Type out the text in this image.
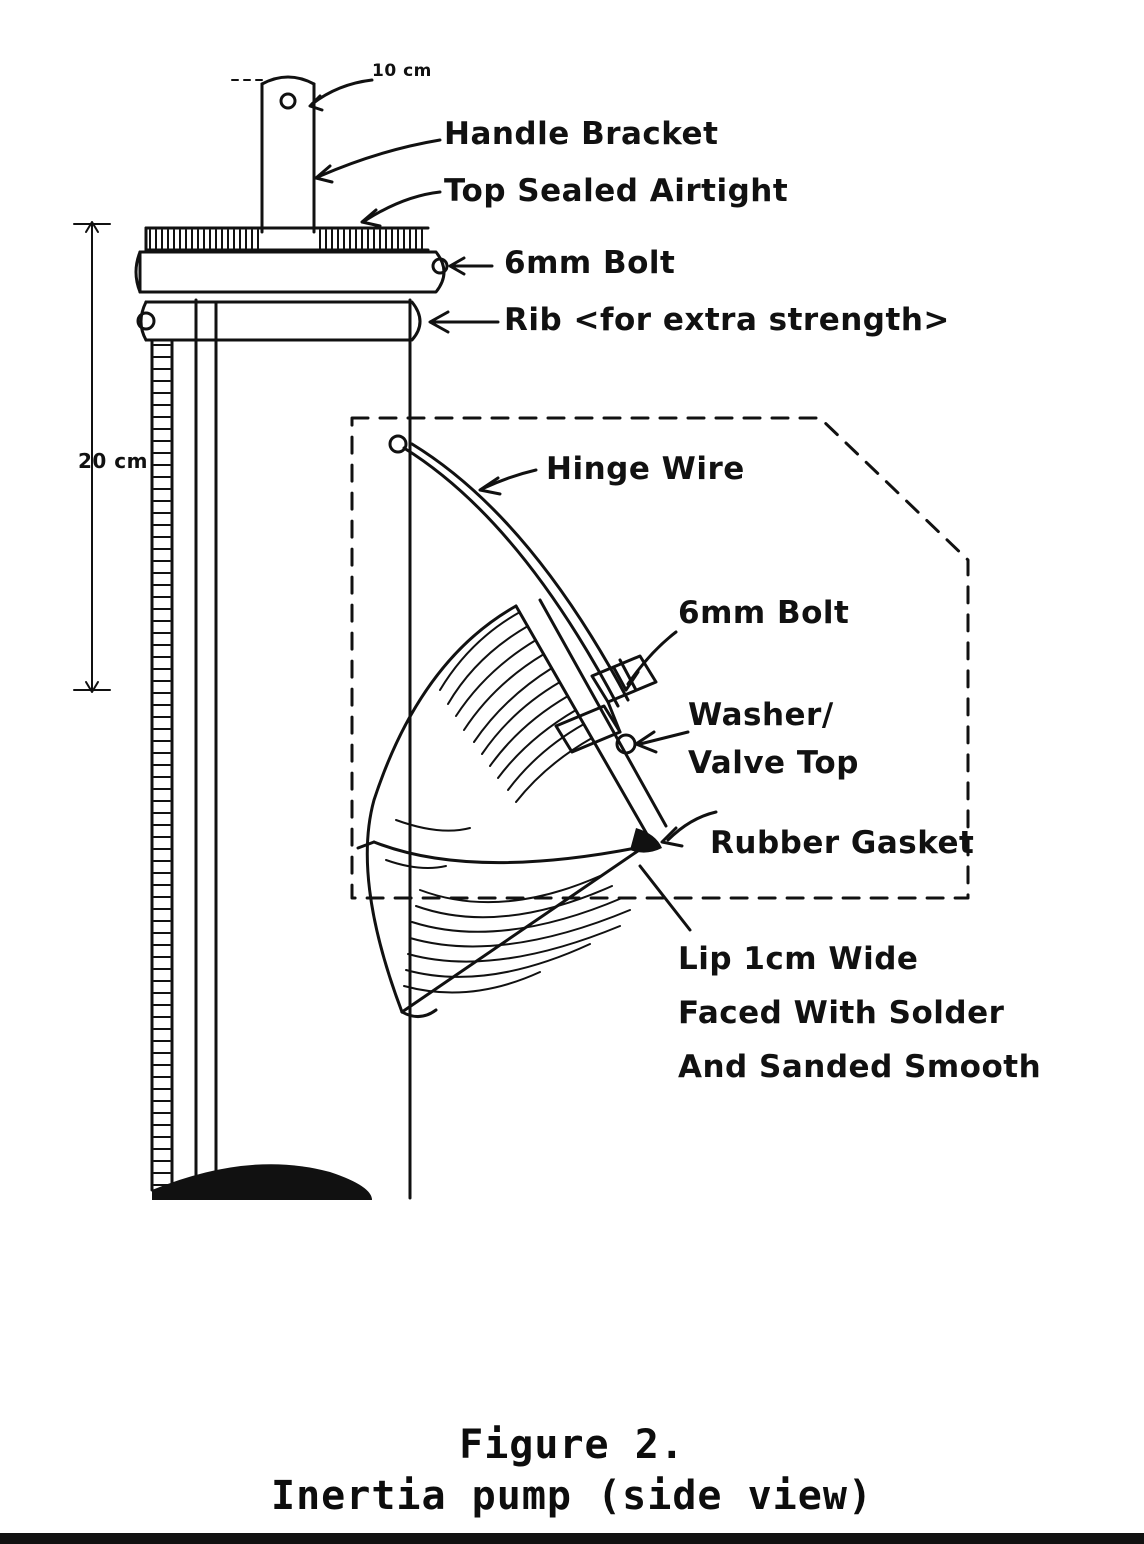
10 cm
20 cm
Handle Bracket
Top Sealed Airtight
6mm Bolt
Rib <for extra strength>
Hinge Wire
6mm Bolt
Washer/
Valve Top
Rubber Gasket
Lip 1cm Wide
Faced With Solder
And Sanded Smooth
Figure 2.
Inertia pump (side view)
